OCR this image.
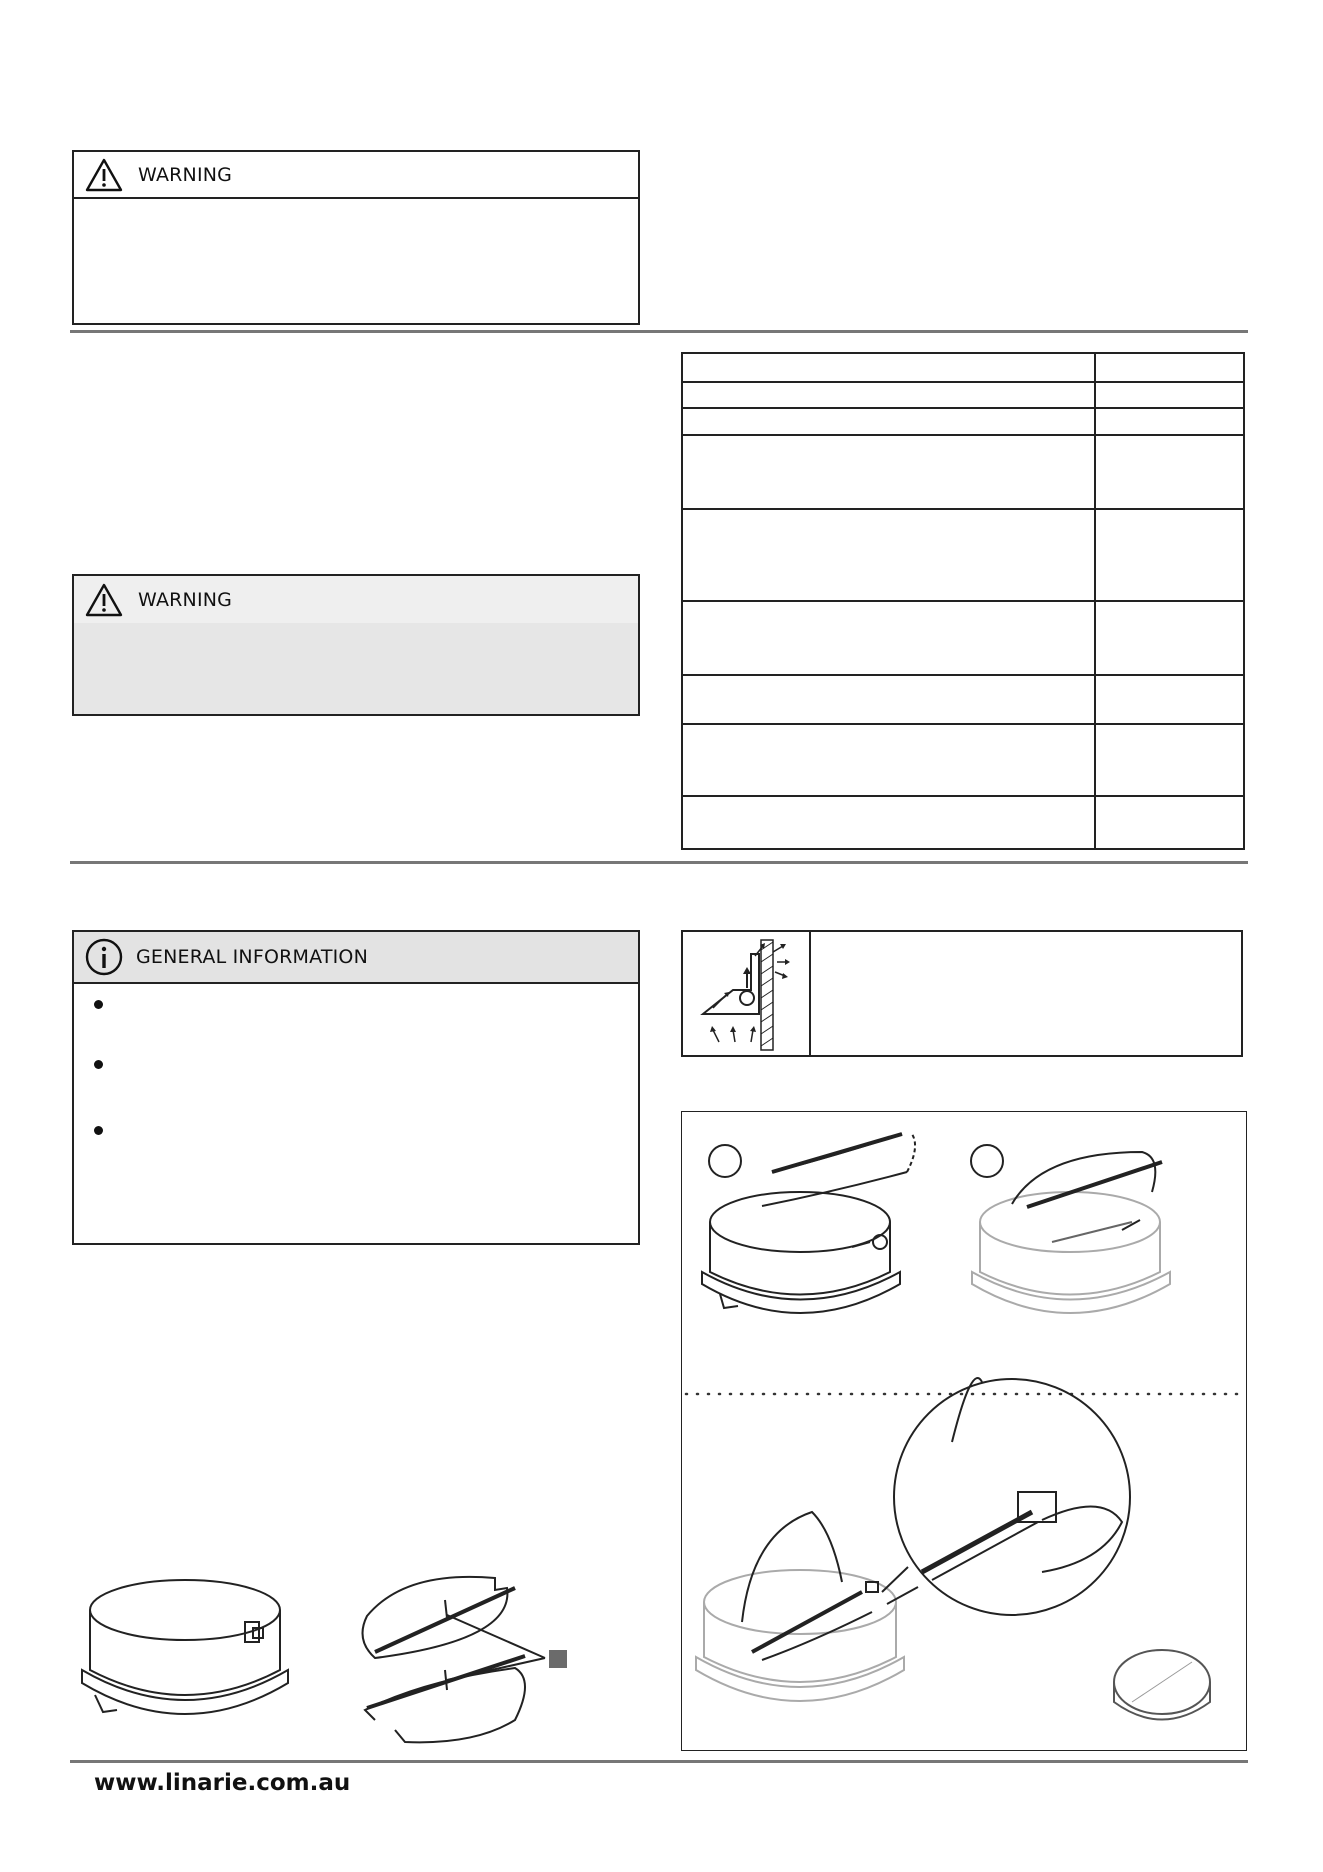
WARNING
WARNING

GENERAL INFORMATION
www.linarie.com.au
